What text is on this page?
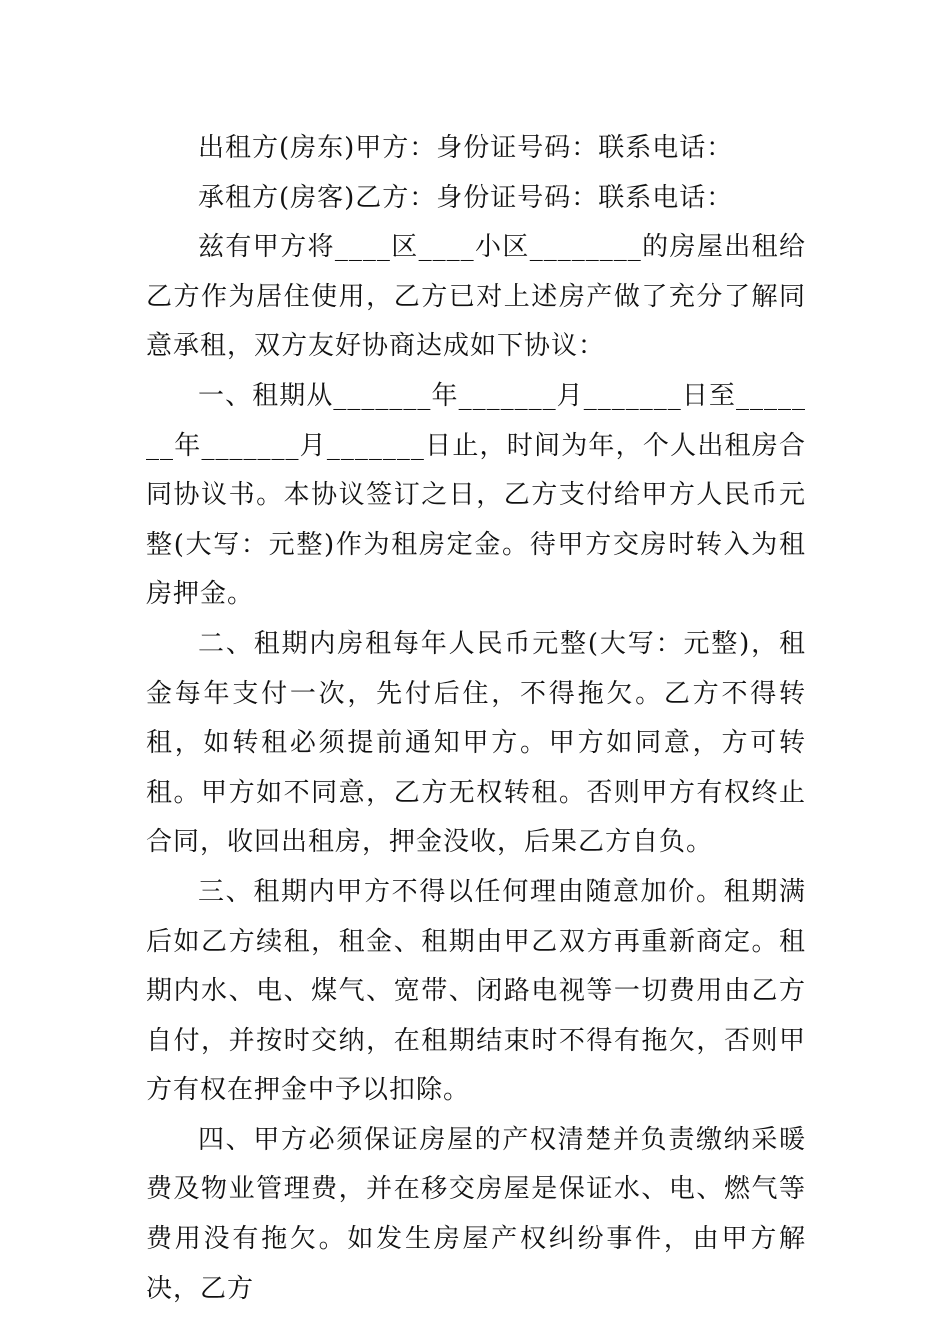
出租方(房东)甲方：身份证号码：联系电话：

承租方(房客)乙方：身份证号码：联系电话：

兹有甲方将____区____小区________的房屋出租给乙方作为居住使用，乙方已对上述房产做了充分了解同意承租，双方友好协商达成如下协议：

一、租期从_______年_______月_______日至_______年_______月_______日止，时间为年，个人出租房合同协议书。本协议签订之日，乙方支付给甲方人民币元整(大写：元整)作为租房定金。待甲方交房时转入为租房押金。

二、租期内房租每年人民币元整(大写：元整)，租金每年支付一次，先付后住，不得拖欠。乙方不得转租，如转租必须提前通知甲方。甲方如同意，方可转租。甲方如不同意，乙方无权转租。否则甲方有权终止合同，收回出租房，押金没收，后果乙方自负。

三、租期内甲方不得以任何理由随意加价。租期满后如乙方续租，租金、租期由甲乙双方再重新商定。租期内水、电、煤气、宽带、闭路电视等一切费用由乙方自付，并按时交纳，在租期结束时不得有拖欠，否则甲方有权在押金中予以扣除。

四、甲方必须保证房屋的产权清楚并负责缴纳采暖费及物业管理费，并在移交房屋是保证水、电、燃气等费用没有拖欠。如发生房屋产权纠纷事件，由甲方解决，乙方
